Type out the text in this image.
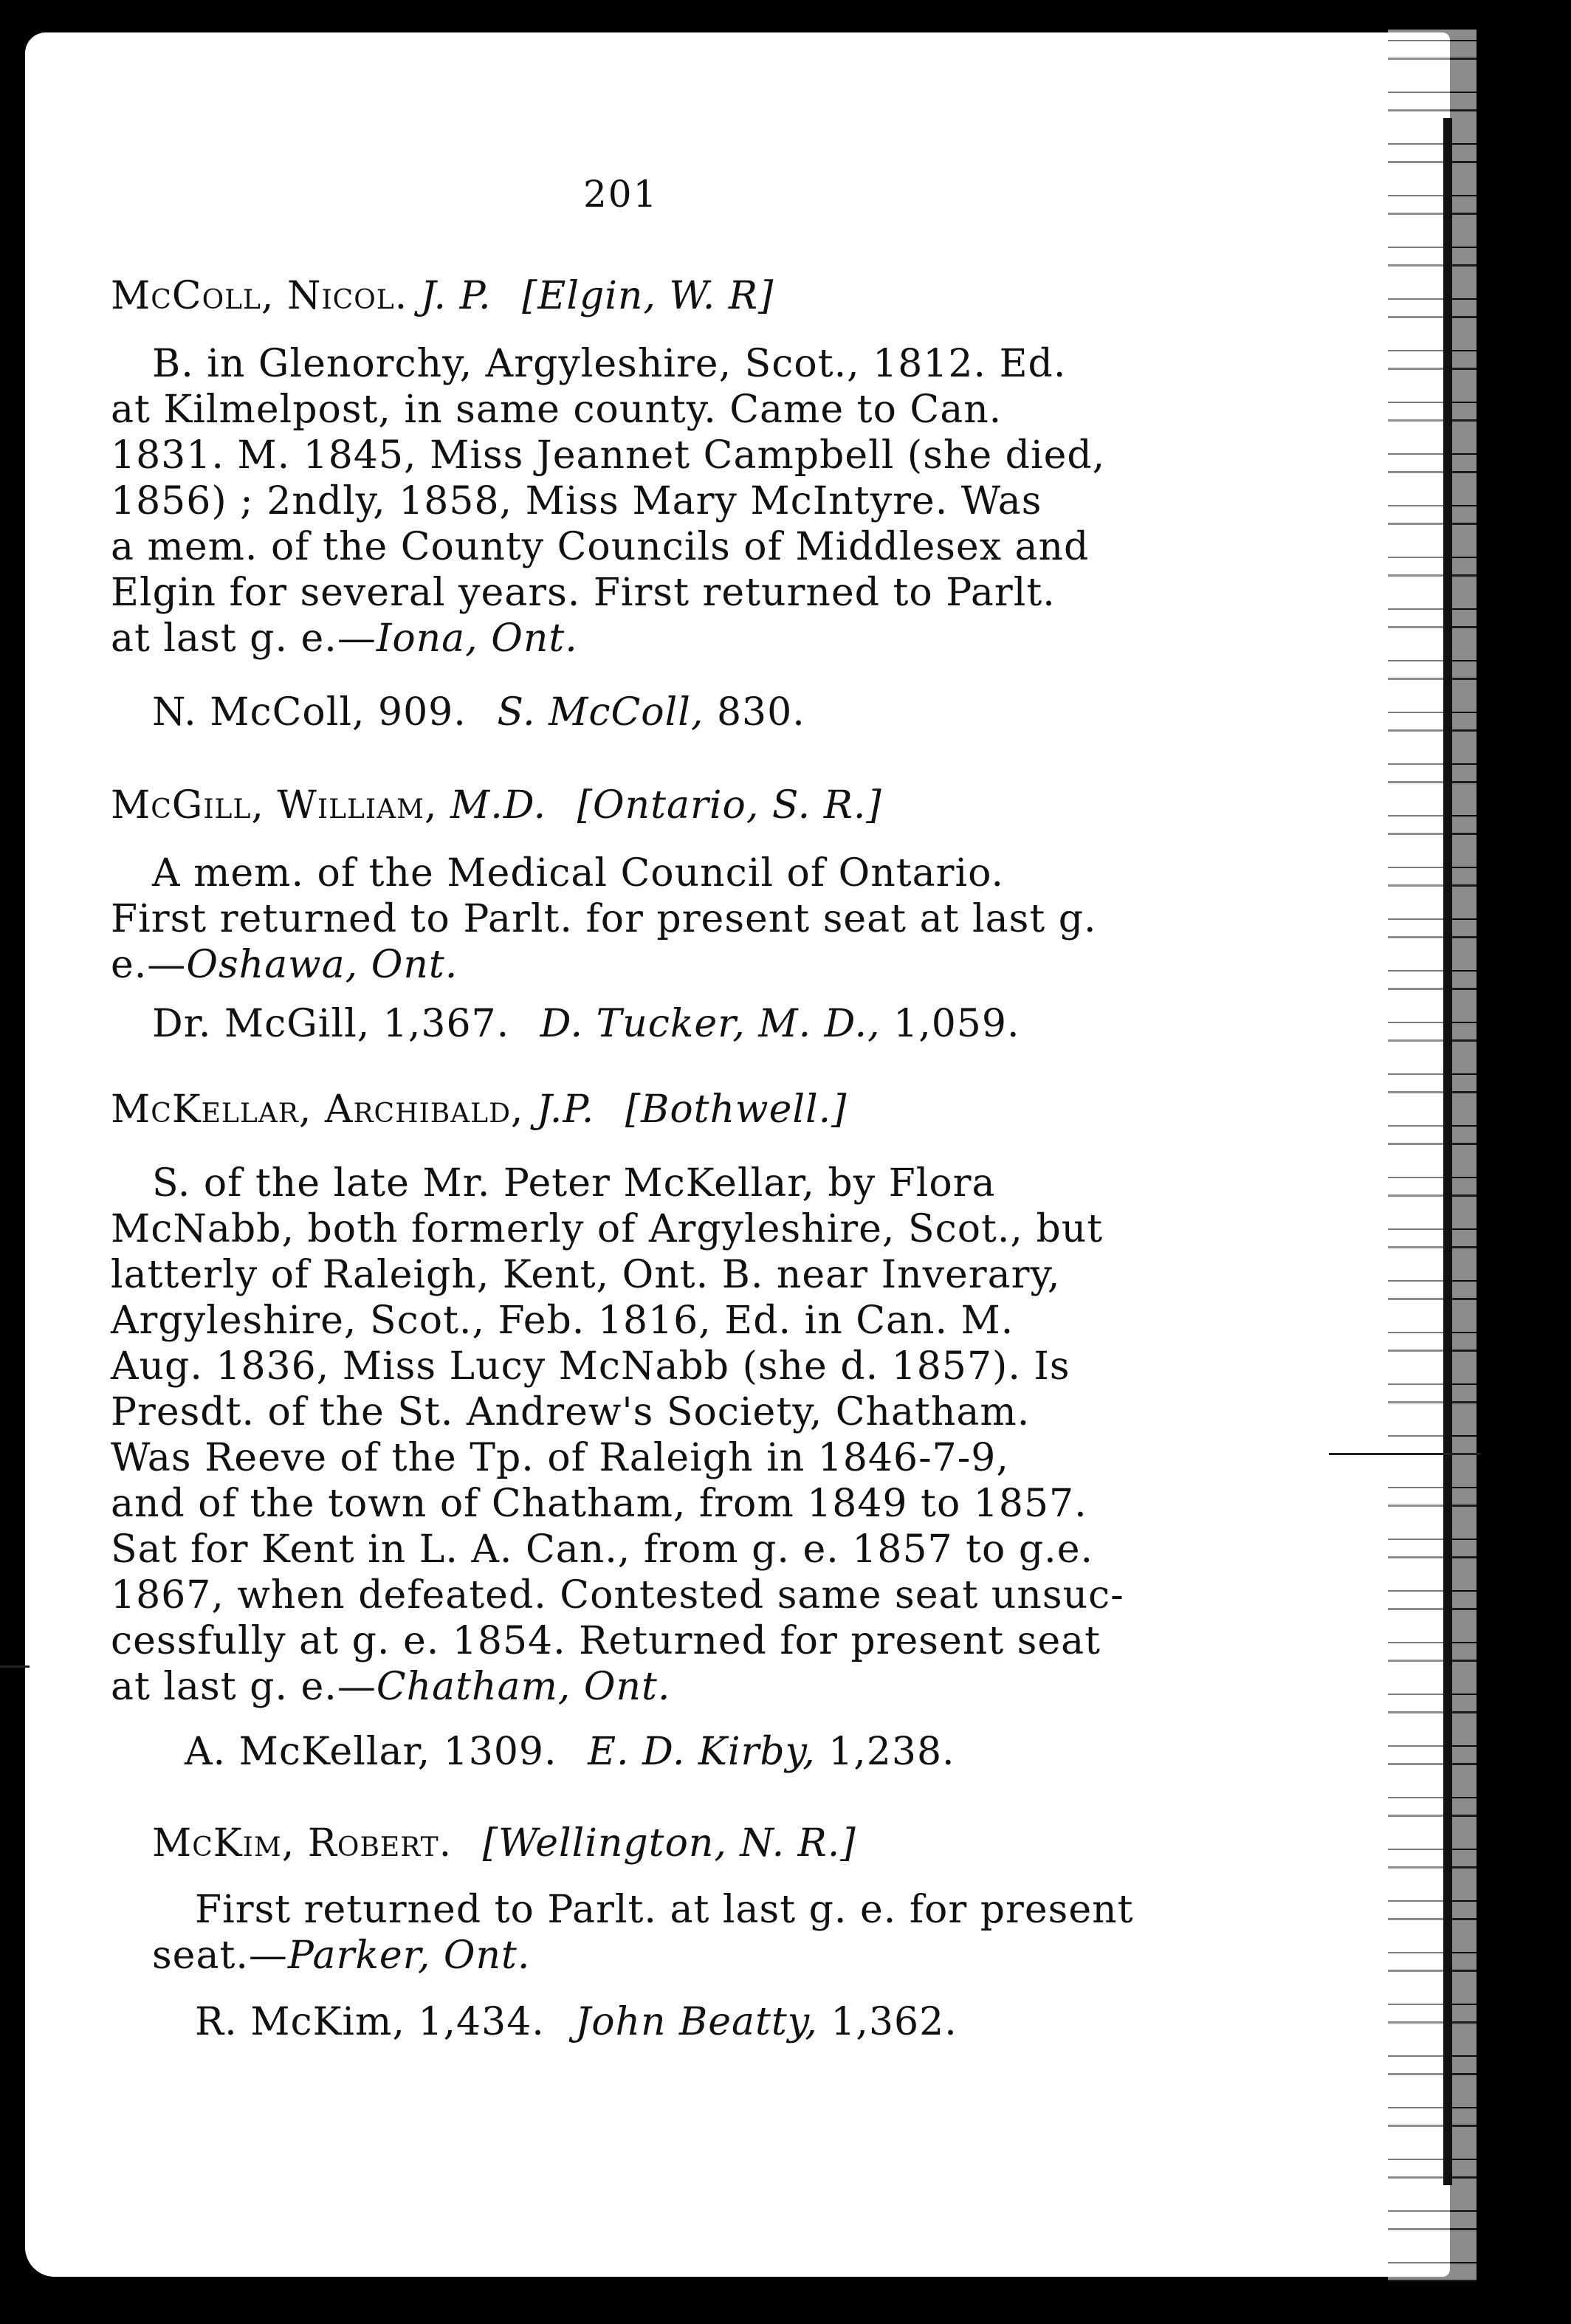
201
McColl, Nicol. J. P. [Elgin, W. R]
B. in Glenorchy, Argyleshire, Scot., 1812. Ed.
at Kilmelpost, in same county. Came to Can.
1831. M. 1845, Miss Jeannet Campbell (she died,
1856) ; 2ndly, 1858, Miss Mary McIntyre. Was
a mem. of the County Councils of Middlesex and
Elgin for several years. First returned to Parlt.
at last g. e.—Iona, Ont.
N. McColl, 909. S. McColl, 830.
McGill, William, M.D. [Ontario, S. R.]
A mem. of the Medical Council of Ontario.
First returned to Parlt. for present seat at last g.
e.—Oshawa, Ont.
Dr. McGill, 1,367. D. Tucker, M. D., 1,059.
McKellar, Archibald, J.P. [Bothwell.]
S. of the late Mr. Peter McKellar, by Flora
McNabb, both formerly of Argyleshire, Scot., but
latterly of Raleigh, Kent, Ont. B. near Inverary,
Argyleshire, Scot., Feb. 1816, Ed. in Can. M.
Aug. 1836, Miss Lucy McNabb (she d. 1857). Is
Presdt. of the St. Andrew's Society, Chatham.
Was Reeve of the Tp. of Raleigh in 1846-7-9,
and of the town of Chatham, from 1849 to 1857.
Sat for Kent in L. A. Can., from g. e. 1857 to g.e.
1867, when defeated. Contested same seat unsuc-
cessfully at g. e. 1854. Returned for present seat
at last g. e.—Chatham, Ont.
A. McKellar, 1309. E. D. Kirby, 1,238.
McKim, Robert. [Wellington, N. R.]
First returned to Parlt. at last g. e. for present
seat.—Parker, Ont.
R. McKim, 1,434. John Beatty, 1,362.
